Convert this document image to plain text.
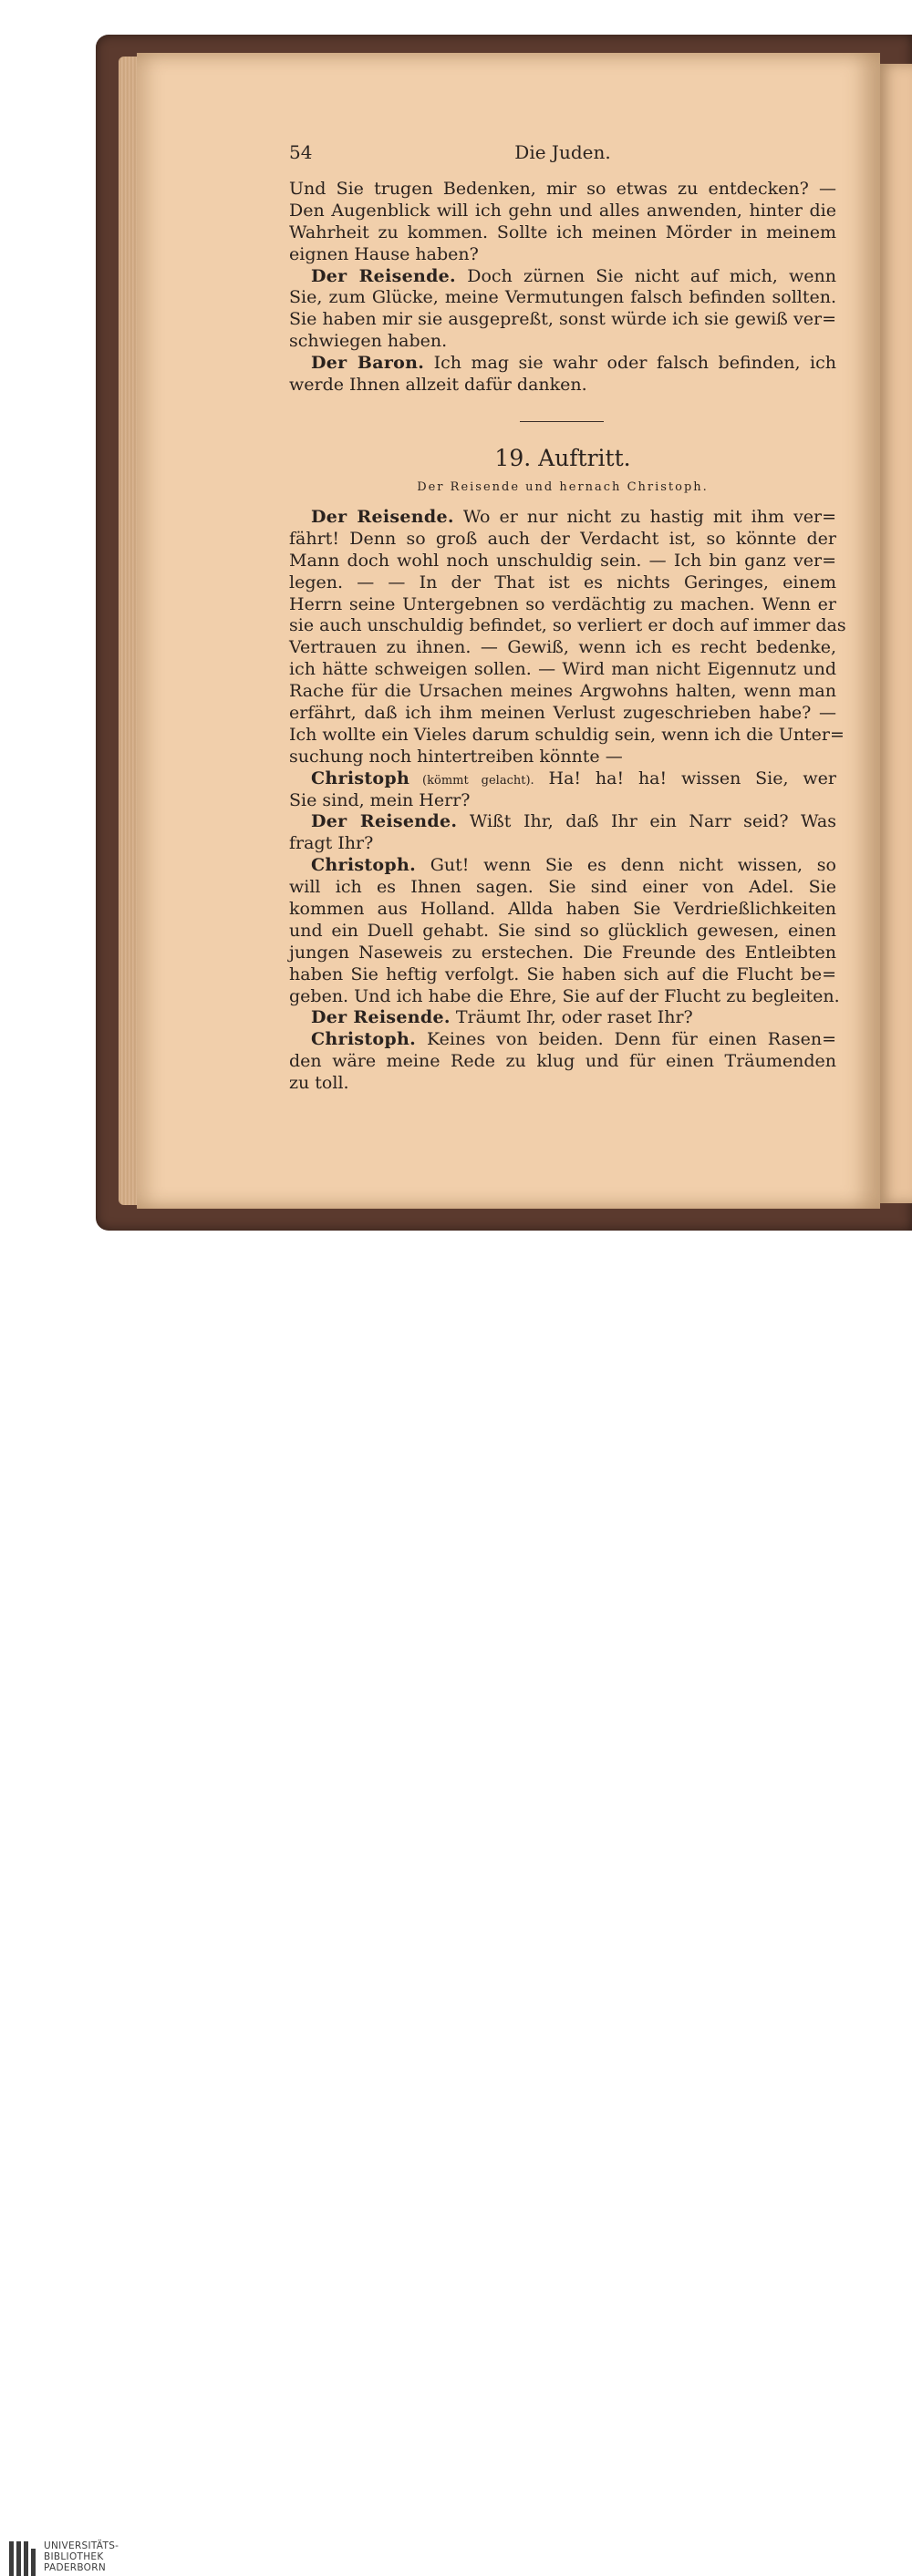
54	Die Juden.
Und Sie trugen Bedenken, mir so etwas zu entdecken? —
Den Augenblick will ich gehn und alles anwenden, hinter die
Wahrheit zu kommen. Sollte ich meinen Mörder in meinem
eignen Hause haben?
Der Reisende. Doch zürnen Sie nicht auf mich, wenn
Sie, zum Glücke, meine Vermutungen falsch befinden sollten.
Sie haben mir sie ausgepreßt, sonst würde ich sie gewiß ver=
schwiegen haben.
Der Baron. Ich mag sie wahr oder falsch befinden, ich
werde Ihnen allzeit dafür danken.
19. Auftritt.
Der Reisende und hernach Christoph.
Der Reisende. Wo er nur nicht zu hastig mit ihm ver=
fährt! Denn so groß auch der Verdacht ist, so könnte der
Mann doch wohl noch unschuldig sein. — Ich bin ganz ver=
legen. — — In der That ist es nichts Geringes, einem
Herrn seine Untergebnen so verdächtig zu machen. Wenn er
sie auch unschuldig befindet, so verliert er doch auf immer das
Vertrauen zu ihnen. — Gewiß, wenn ich es recht bedenke,
ich hätte schweigen sollen. — Wird man nicht Eigennutz und
Rache für die Ursachen meines Argwohns halten, wenn man
erfährt, daß ich ihm meinen Verlust zugeschrieben habe? —
Ich wollte ein Vieles darum schuldig sein, wenn ich die Unter=
suchung noch hintertreiben könnte —
Christoph (kömmt gelacht). Ha! ha! ha! wissen Sie, wer
Sie sind, mein Herr?
Der Reisende. Wißt Ihr, daß Ihr ein Narr seid? Was
fragt Ihr?
Christoph. Gut! wenn Sie es denn nicht wissen, so
will ich es Ihnen sagen. Sie sind einer von Adel. Sie
kommen aus Holland. Allda haben Sie Verdrießlichkeiten
und ein Duell gehabt. Sie sind so glücklich gewesen, einen
jungen Naseweis zu erstechen. Die Freunde des Entleibten
haben Sie heftig verfolgt. Sie haben sich auf die Flucht be=
geben. Und ich habe die Ehre, Sie auf der Flucht zu begleiten.
Der Reisende. Träumt Ihr, oder raset Ihr?
Christoph. Keines von beiden. Denn für einen Rasen=
den wäre meine Rede zu klug und für einen Träumenden
zu toll.
UNIVERSITÄTS-
BIBLIOTHEK
PADERBORN
